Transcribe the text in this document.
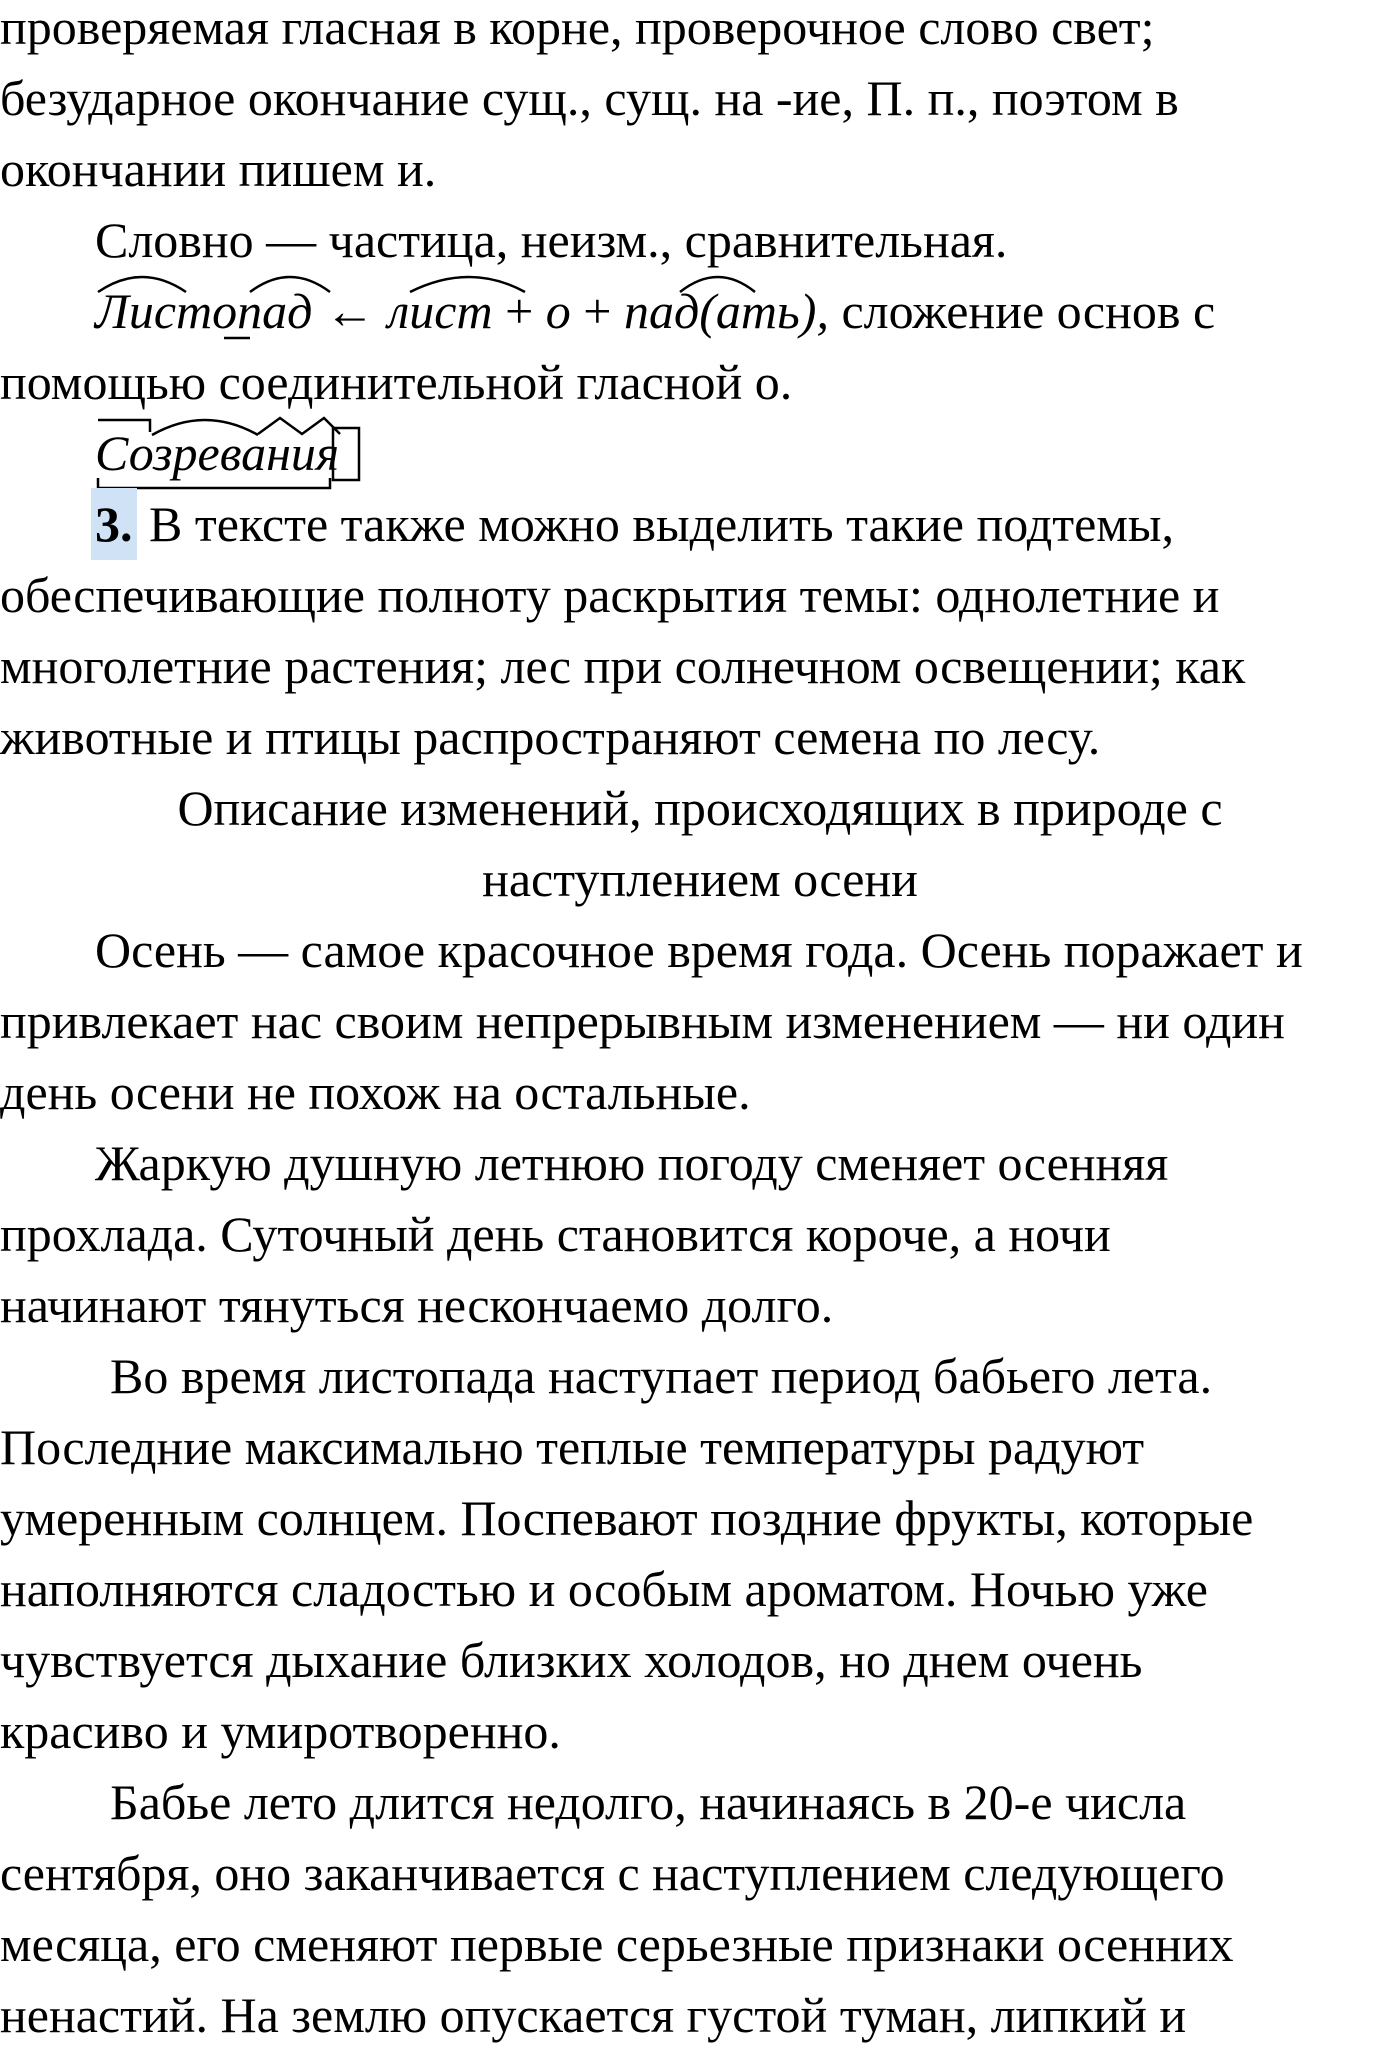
проверяемая гласная в корне, проверочное слово свет;
безударное окончание сущ., сущ. на -ие, П. п., поэтом в
окончании пишем и.
Словно — частица, неизм., сравнительная.
Листопад ← лист + о + пад(ать), сложение основ с
помощью соединительной гласной о.
Созревания
3. В тексте также можно выделить такие подтемы,
обеспечивающие полноту раскрытия темы: однолетние и
многолетние растения; лес при солнечном освещении; как
животные и птицы распространяют семена по лесу.
Описание изменений, происходящих в природе с
наступлением осени
Осень — самое красочное время года. Осень поражает и
привлекает нас своим непрерывным изменением — ни один
день осени не похож на остальные.
Жаркую душную летнюю погоду сменяет осенняя
прохлада. Суточный день становится короче, а ночи
начинают тянуться нескончаемо долго.
Во время листопада наступает период бабьего лета.
Последние максимально теплые температуры радуют
умеренным солнцем. Поспевают поздние фрукты, которые
наполняются сладостью и особым ароматом. Ночью уже
чувствуется дыхание близких холодов, но днем очень
красиво и умиротворенно.
Бабье лето длится недолго, начинаясь в 20-е числа
сентября, оно заканчивается с наступлением следующего
месяца, его сменяют первые серьезные признаки осенних
ненастий. На землю опускается густой туман, липкий и
